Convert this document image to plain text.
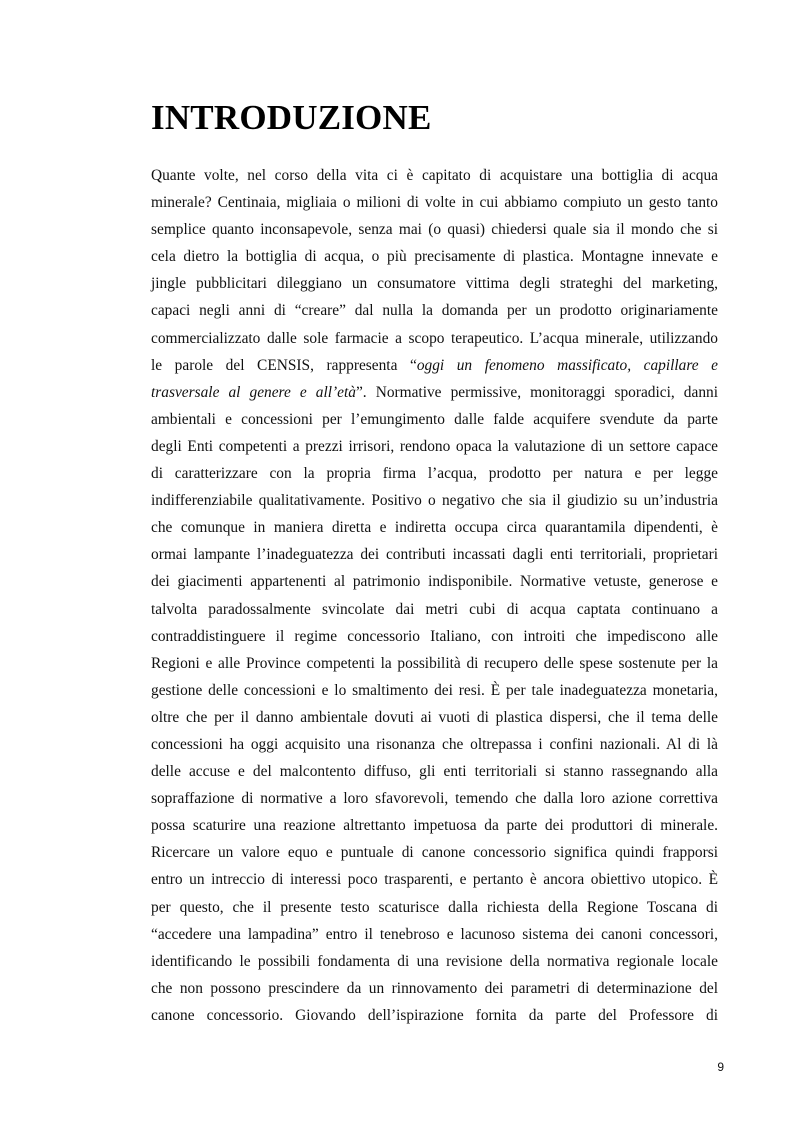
INTRODUZIONE
Quante volte, nel corso della vita ci è capitato di acquistare una bottiglia di acqua
minerale? Centinaia, migliaia o milioni di volte in cui abbiamo compiuto un gesto tanto
semplice quanto inconsapevole, senza mai (o quasi) chiedersi quale sia il mondo che si
cela dietro la bottiglia di acqua, o più precisamente di plastica. Montagne innevate e
jingle pubblicitari dileggiano un consumatore vittima degli strateghi del marketing,
capaci negli anni di “creare” dal nulla la domanda per un prodotto originariamente
commercializzato dalle sole farmacie a scopo terapeutico. L’acqua minerale, utilizzando
le parole del CENSIS, rappresenta “oggi un fenomeno massificato, capillare e
trasversale al genere e all’età”. Normative permissive, monitoraggi sporadici, danni
ambientali e concessioni per l’emungimento dalle falde acquifere svendute da parte
degli Enti competenti a prezzi irrisori, rendono opaca la valutazione di un settore capace
di caratterizzare con la propria firma l’acqua, prodotto per natura e per legge
indifferenziabile qualitativamente. Positivo o negativo che sia il giudizio su un’industria
che comunque in maniera diretta e indiretta occupa circa quarantamila dipendenti, è
ormai lampante l’inadeguatezza dei contributi incassati dagli enti territoriali, proprietari
dei giacimenti appartenenti al patrimonio indisponibile. Normative vetuste, generose e
talvolta paradossalmente svincolate dai metri cubi di acqua captata continuano a
contraddistinguere il regime concessorio Italiano, con introiti che impediscono alle
Regioni e alle Province competenti la possibilità di recupero delle spese sostenute per la
gestione delle concessioni e lo smaltimento dei resi. È per tale inadeguatezza monetaria,
oltre che per il danno ambientale dovuti ai vuoti di plastica dispersi, che il tema delle
concessioni ha oggi acquisito una risonanza che oltrepassa i confini nazionali. Al di là
delle accuse e del malcontento diffuso, gli enti territoriali si stanno rassegnando alla
sopraffazione di normative a loro sfavorevoli, temendo che dalla loro azione correttiva
possa scaturire una reazione altrettanto impetuosa da parte dei produttori di minerale.
Ricercare un valore equo e puntuale di canone concessorio significa quindi frapporsi
entro un intreccio di interessi poco trasparenti, e pertanto è ancora obiettivo utopico. È
per questo, che il presente testo scaturisce dalla richiesta della Regione Toscana di
“accedere una lampadina” entro il tenebroso e lacunoso sistema dei canoni concessori,
identificando le possibili fondamenta di una revisione della normativa regionale locale
che non possono prescindere da un rinnovamento dei parametri di determinazione del
canone concessorio. Giovando dell’ispirazione fornita da parte del Professore di
9
